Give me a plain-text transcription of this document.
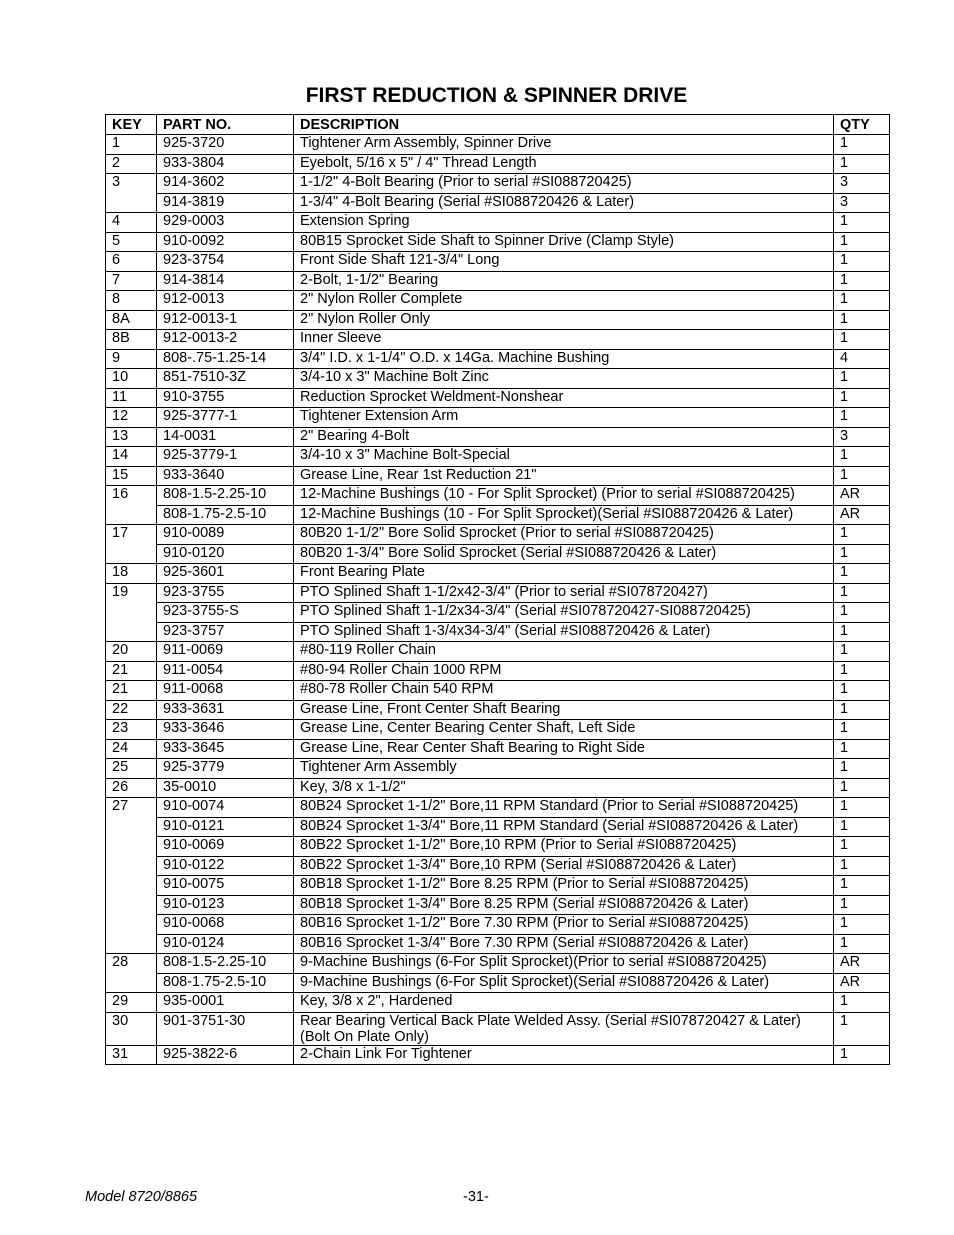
FIRST REDUCTION & SPINNER DRIVE
KEY	PART NO.	DESCRIPTION	QTY
1	925-3720	Tightener Arm Assembly, Spinner Drive	1
2	933-3804	Eyebolt, 5/16 x 5" / 4" Thread Length	1
3	914-3602	1-1/2" 4-Bolt Bearing (Prior to serial #SI088720425)	3
	914-3819	1-3/4" 4-Bolt Bearing (Serial #SI088720426 & Later)	3
4	929-0003	Extension Spring	1
5	910-0092	80B15 Sprocket Side Shaft to Spinner Drive (Clamp Style)	1
6	923-3754	Front Side Shaft 121-3/4" Long	1
7	914-3814	2-Bolt, 1-1/2" Bearing	1
8	912-0013	2" Nylon Roller Complete	1
8A	912-0013-1	2" Nylon Roller Only	1
8B	912-0013-2	Inner Sleeve	1
9	808-.75-1.25-14	3/4" I.D. x 1-1/4" O.D. x 14Ga. Machine Bushing	4
10	851-7510-3Z	3/4-10 x 3" Machine Bolt Zinc	1
11	910-3755	Reduction Sprocket Weldment-Nonshear	1
12	925-3777-1	Tightener Extension Arm	1
13	14-0031	2" Bearing 4-Bolt	3
14	925-3779-1	3/4-10 x 3" Machine Bolt-Special	1
15	933-3640	Grease Line, Rear 1st Reduction 21"	1
16	808-1.5-2.25-10	12-Machine Bushings (10 - For Split Sprocket) (Prior to serial #SI088720425)	AR
	808-1.75-2.5-10	12-Machine Bushings (10 - For Split Sprocket)(Serial #SI088720426 & Later)	AR
17	910-0089	80B20 1-1/2" Bore Solid Sprocket (Prior to serial #SI088720425)	1
	910-0120	80B20 1-3/4" Bore Solid Sprocket (Serial #SI088720426 & Later)	1
18	925-3601	Front Bearing Plate	1
19	923-3755	PTO Splined Shaft 1-1/2x42-3/4" (Prior to serial #SI078720427)	1
	923-3755-S	PTO Splined Shaft 1-1/2x34-3/4" (Serial #SI078720427-SI088720425)	1
	923-3757	PTO Splined Shaft 1-3/4x34-3/4" (Serial #SI088720426 & Later)	1
20	911-0069	#80-119 Roller Chain	1
21	911-0054	#80-94 Roller Chain 1000 RPM	1
21	911-0068	#80-78 Roller Chain 540 RPM	1
22	933-3631	Grease Line, Front Center Shaft Bearing	1
23	933-3646	Grease Line, Center Bearing Center Shaft, Left Side	1
24	933-3645	Grease Line, Rear Center Shaft Bearing to Right Side	1
25	925-3779	Tightener Arm Assembly	1
26	35-0010	Key, 3/8 x 1-1/2"	1
27	910-0074	80B24 Sprocket 1-1/2" Bore,11 RPM Standard (Prior to Serial #SI088720425)	1
	910-0121	80B24 Sprocket 1-3/4" Bore,11 RPM Standard (Serial #SI088720426 & Later)	1
	910-0069	80B22 Sprocket 1-1/2" Bore,10 RPM (Prior to Serial #SI088720425)	1
	910-0122	80B22 Sprocket 1-3/4" Bore,10 RPM (Serial #SI088720426 & Later)	1
	910-0075	80B18 Sprocket 1-1/2" Bore 8.25 RPM (Prior to Serial #SI088720425)	1
	910-0123	80B18 Sprocket 1-3/4" Bore 8.25 RPM (Serial #SI088720426 & Later)	1
	910-0068	80B16 Sprocket 1-1/2" Bore 7.30 RPM (Prior to Serial #SI088720425)	1
	910-0124	80B16 Sprocket 1-3/4" Bore 7.30 RPM (Serial #SI088720426 & Later)	1
28	808-1.5-2.25-10	9-Machine Bushings (6-For Split Sprocket)(Prior to serial #SI088720425)	AR
	808-1.75-2.5-10	9-Machine Bushings (6-For Split Sprocket)(Serial #SI088720426 & Later)	AR
29	935-0001	Key, 3/8 x 2", Hardened	1
30	901-3751-30	Rear Bearing Vertical Back Plate Welded Assy. (Serial #SI078720427 & Later) (Bolt On Plate Only)	1
31	925-3822-6	2-Chain Link For Tightener	1
Model 8720/8865	-31-
